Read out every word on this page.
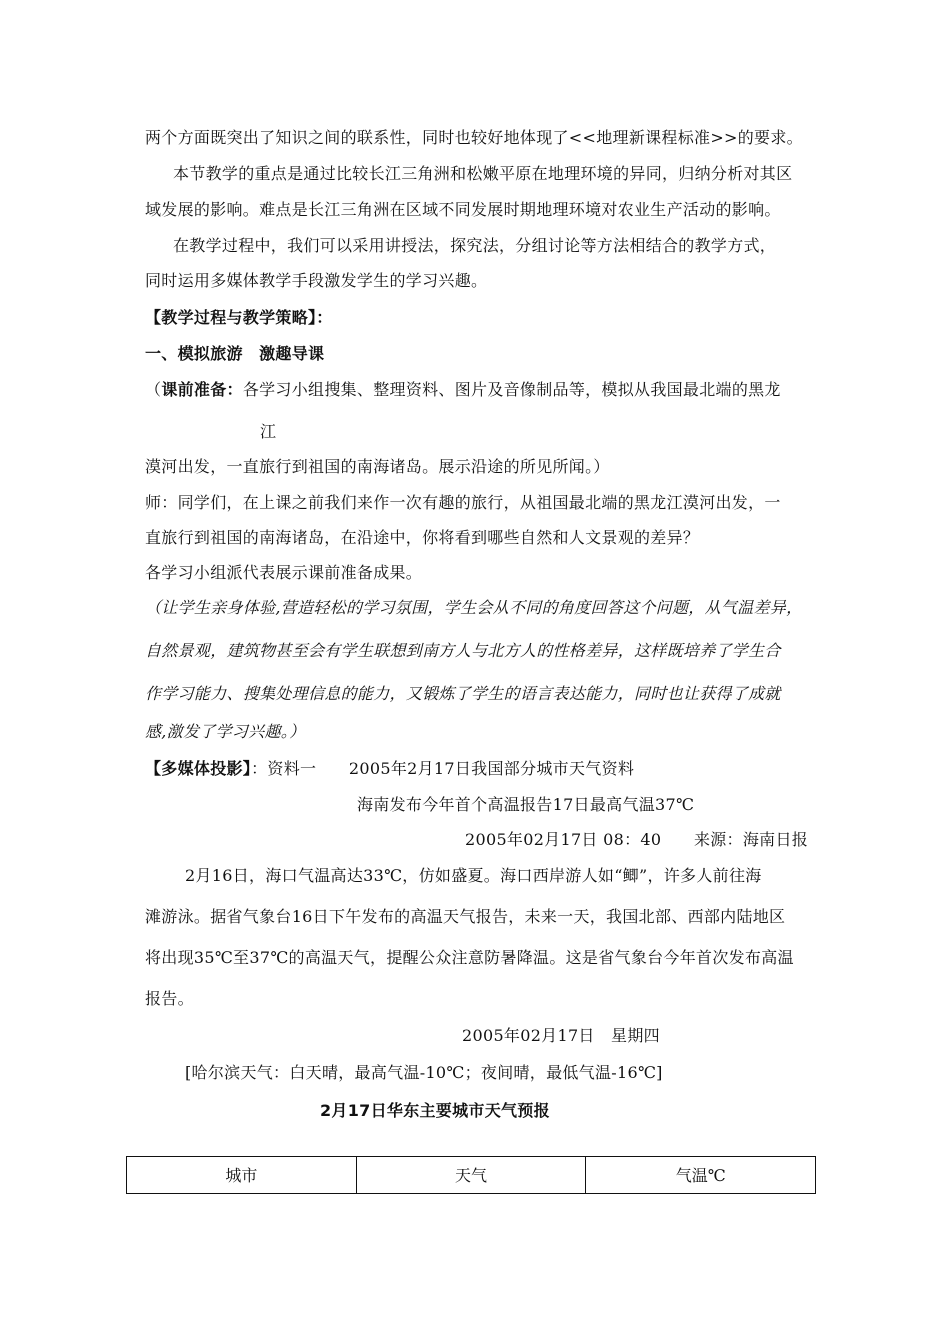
两个方面既突出了知识之间的联系性，同时也较好地体现了<<地理新课程标准>>的要求。
本节教学的重点是通过比较长江三角洲和松嫩平原在地理环境的异同，归纳分析对其区
域发展的影响。难点是长江三角洲在区域不同发展时期地理环境对农业生产活动的影响。
在教学过程中，我们可以采用讲授法，探究法，分组讨论等方法相结合的教学方式，
同时运用多媒体教学手段激发学生的学习兴趣。
【教学过程与教学策略】：
一、模拟旅游　激趣导课
（课前准备：各学习小组搜集、整理资料、图片及音像制品等，模拟从我国最北端的黑龙
江
漠河出发，一直旅行到祖国的南海诸岛。展示沿途的所见所闻。）
师：同学们，在上课之前我们来作一次有趣的旅行，从祖国最北端的黑龙江漠河出发，一
直旅行到祖国的南海诸岛，在沿途中，你将看到哪些自然和人文景观的差异？
各学习小组派代表展示课前准备成果。
（让学生亲身体验,营造轻松的学习氛围，学生会从不同的角度回答这个问题，从气温差异，
自然景观，建筑物甚至会有学生联想到南方人与北方人的性格差异，这样既培养了学生合
作学习能力、搜集处理信息的能力，又锻炼了学生的语言表达能力，同时也让获得了成就
感,激发了学习兴趣。）
【多媒体投影】：资料一　　2005年2月17日我国部分城市天气资料
海南发布今年首个高温报告17日最高气温37℃
2005年02月17日 08：40　　来源：海南日报
2月16日，海口气温高达33℃，仿如盛夏。海口西岸游人如“鲫”，许多人前往海
滩游泳。据省气象台16日下午发布的高温天气报告，未来一天，我国北部、西部内陆地区
将出现35℃至37℃的高温天气，提醒公众注意防暑降温。这是省气象台今年首次发布高温
报告。
2005年02月17日　星期四
[哈尔滨天气：白天晴，最高气温-10℃；夜间晴，最低气温-16℃]
2月17日华东主要城市天气预报
城市	天气	气温℃
